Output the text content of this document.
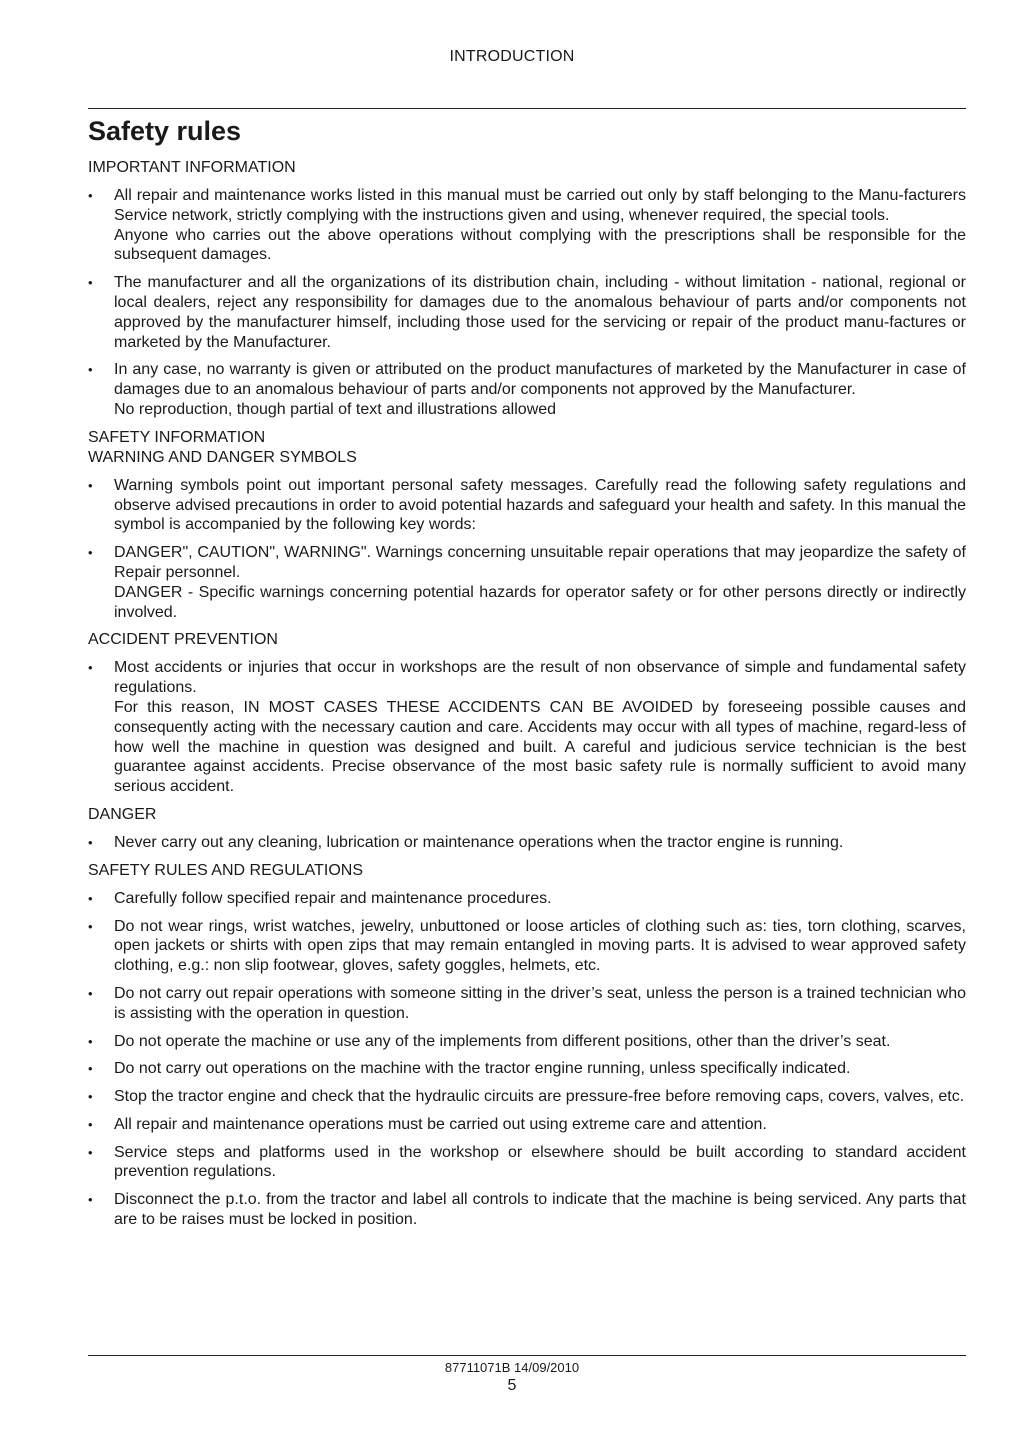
INTRODUCTION
Safety rules
IMPORTANT INFORMATION
• All repair and maintenance works listed in this manual must be carried out only by staff belonging to the Manu-facturers Service network, strictly complying with the instructions given and using, whenever required, the special tools.
Anyone who carries out the above operations without complying with the prescriptions shall be responsible for the subsequent damages.
• The manufacturer and all the organizations of its distribution chain, including - without limitation - national, regional or local dealers, reject any responsibility for damages due to the anomalous behaviour of parts and/or components not approved by the manufacturer himself, including those used for the servicing or repair of the product manu-factures or marketed by the Manufacturer.
• In any case, no warranty is given or attributed on the product manufactures of marketed by the Manufacturer in case of damages due to an anomalous behaviour of parts and/or components not approved by the Manufacturer.
No reproduction, though partial of text and illustrations allowed
SAFETY INFORMATION
WARNING AND DANGER SYMBOLS
• Warning symbols point out important personal safety messages. Carefully read the following safety regulations and observe advised precautions in order to avoid potential hazards and safeguard your health and safety. In this manual the symbol is accompanied by the following key words:
• DANGER", CAUTION", WARNING". Warnings concerning unsuitable repair operations that may jeopardize the safety of Repair personnel.
DANGER - Specific warnings concerning potential hazards for operator safety or for other persons directly or indirectly involved.
ACCIDENT PREVENTION
• Most accidents or injuries that occur in workshops are the result of non observance of simple and fundamental safety regulations.
For this reason, IN MOST CASES THESE ACCIDENTS CAN BE AVOIDED by foreseeing possible causes and consequently acting with the necessary caution and care. Accidents may occur with all types of machine, regard-less of how well the machine in question was designed and built. A careful and judicious service technician is the best guarantee against accidents. Precise observance of the most basic safety rule is normally sufficient to avoid many serious accident.
DANGER
• Never carry out any cleaning, lubrication or maintenance operations when the tractor engine is running.
SAFETY RULES AND REGULATIONS
• Carefully follow specified repair and maintenance procedures.
• Do not wear rings, wrist watches, jewelry, unbuttoned or loose articles of clothing such as: ties, torn clothing, scarves, open jackets or shirts with open zips that may remain entangled in moving parts. It is advised to wear approved safety clothing, e.g.: non slip footwear, gloves, safety goggles, helmets, etc.
• Do not carry out repair operations with someone sitting in the driver’s seat, unless the person is a trained technician who is assisting with the operation in question.
• Do not operate the machine or use any of the implements from different positions, other than the driver’s seat.
• Do not carry out operations on the machine with the tractor engine running, unless specifically indicated.
• Stop the tractor engine and check that the hydraulic circuits are pressure-free before removing caps, covers, valves, etc.
• All repair and maintenance operations must be carried out using extreme care and attention.
• Service steps and platforms used in the workshop or elsewhere should be built according to standard accident prevention regulations.
• Disconnect the p.t.o. from the tractor and label all controls to indicate that the machine is being serviced. Any parts that are to be raises must be locked in position.
87711071B 14/09/2010
5
